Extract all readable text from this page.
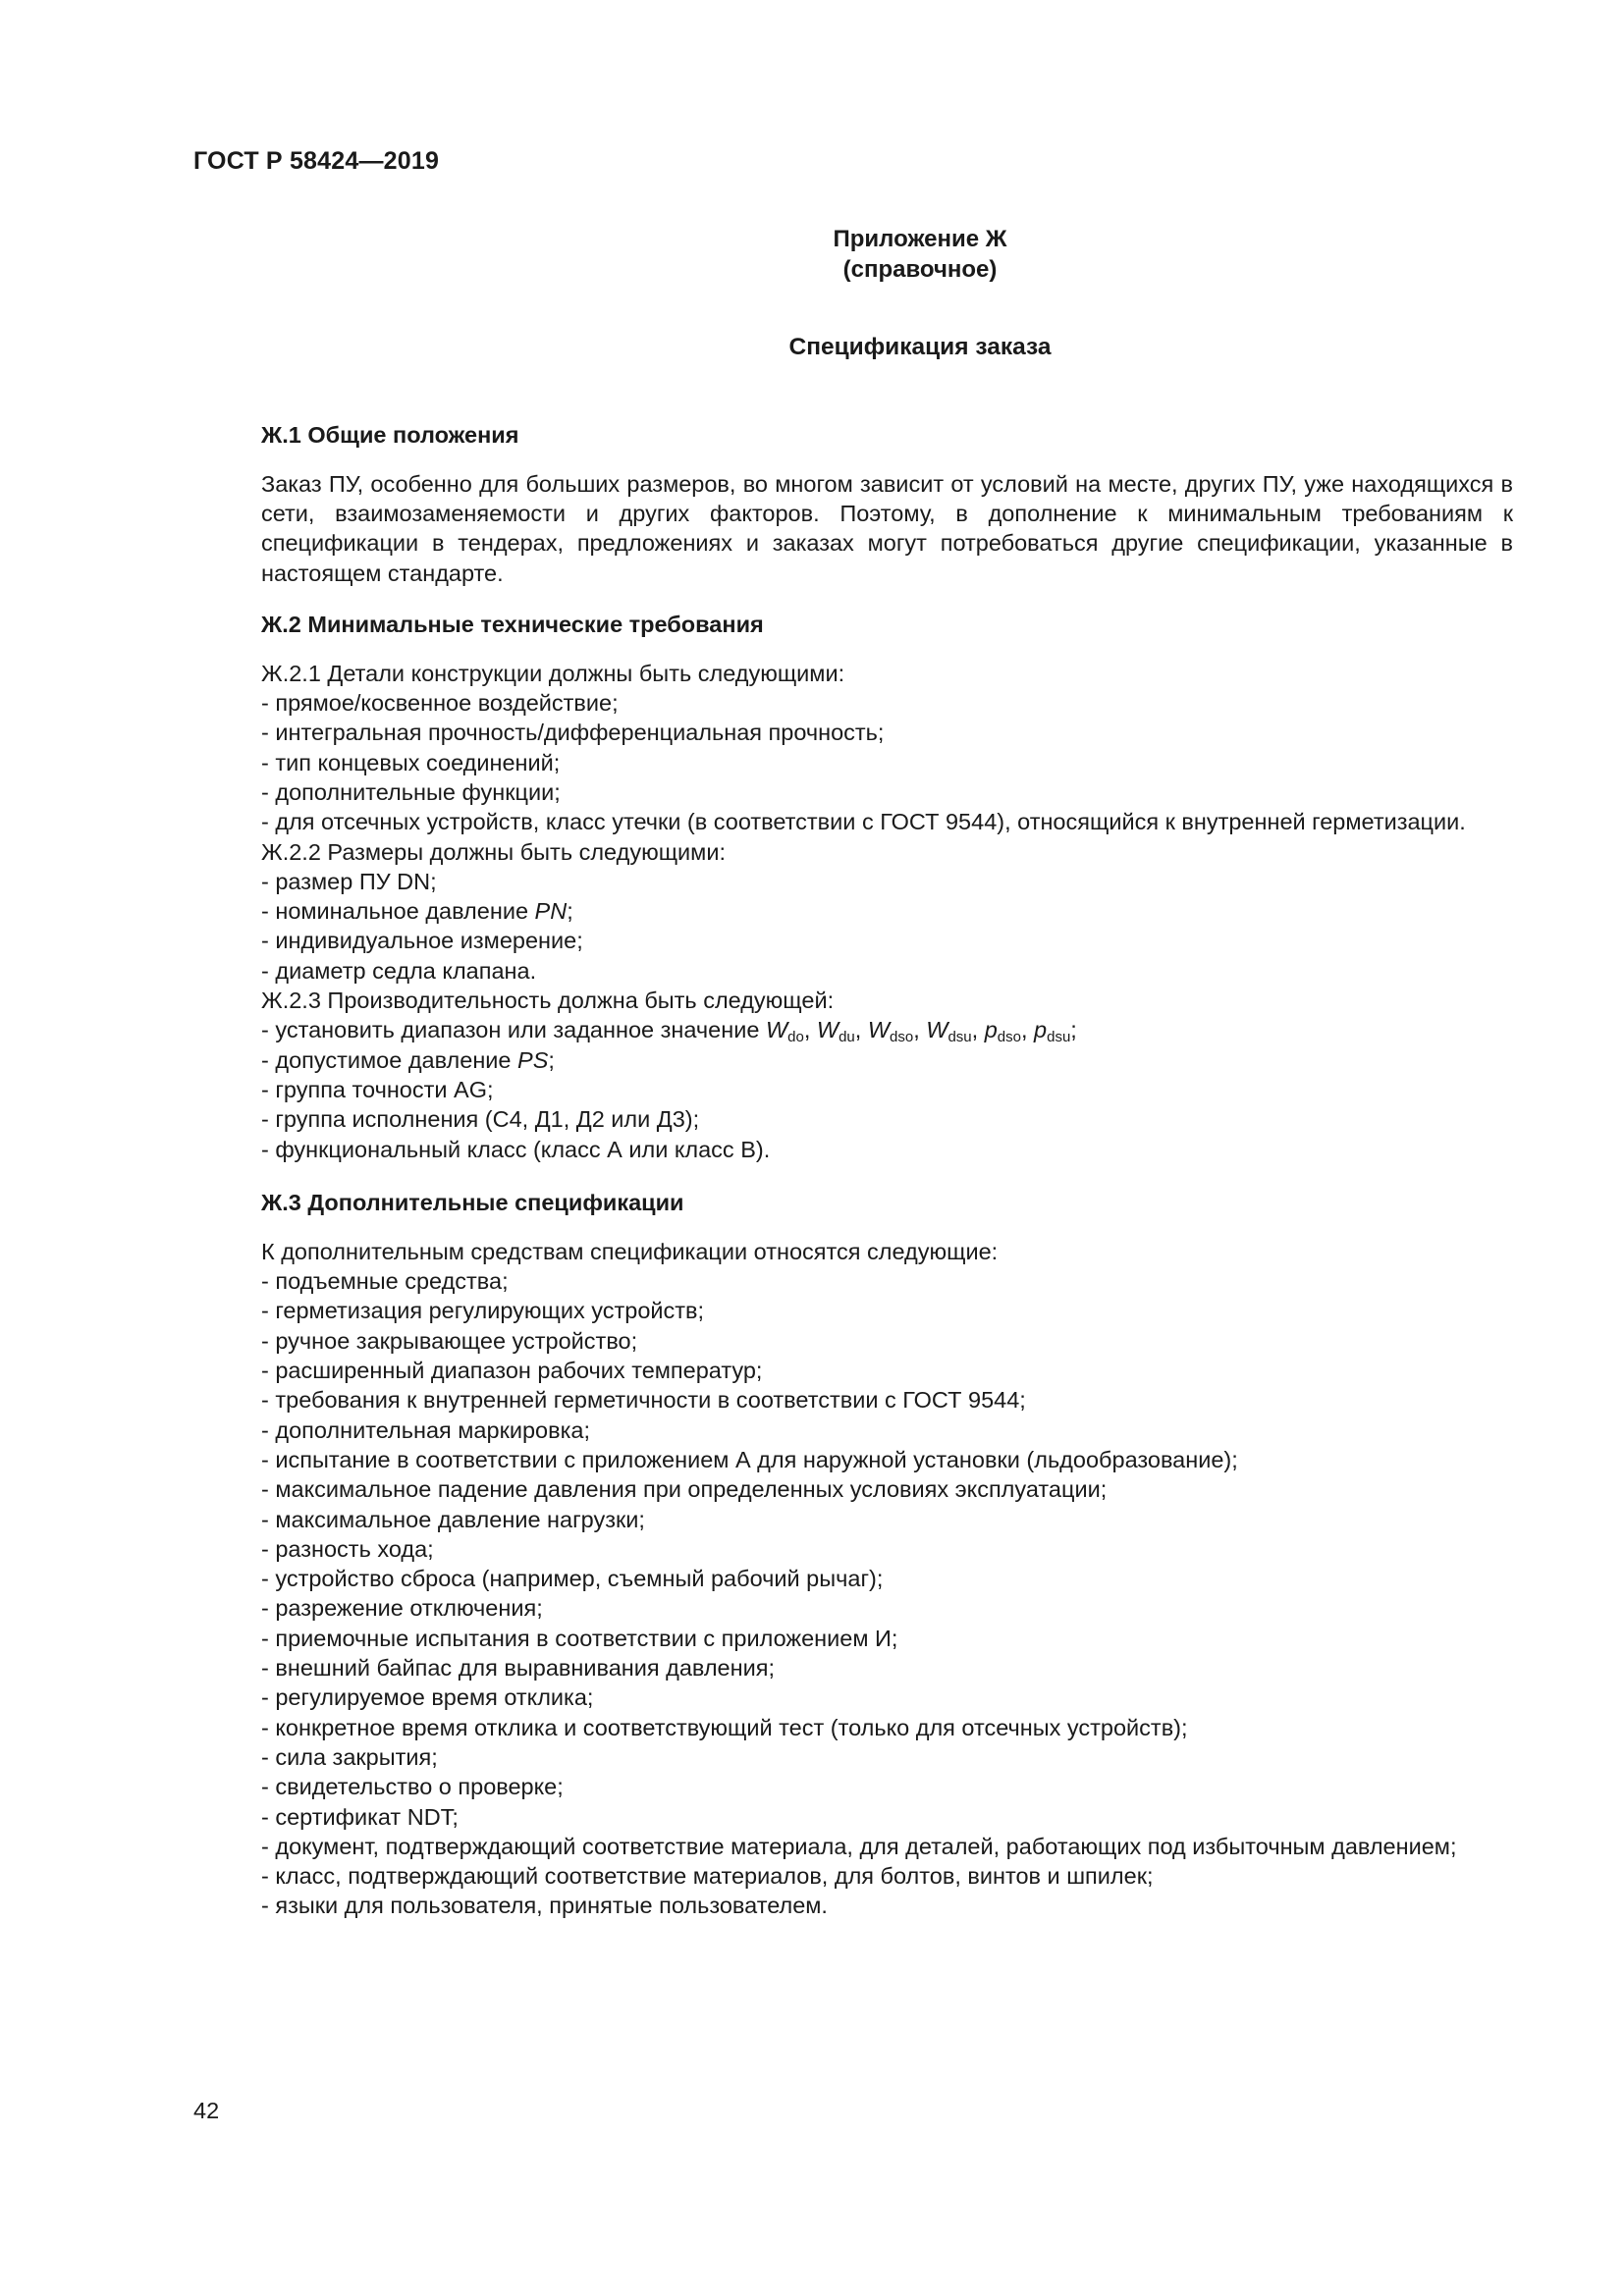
ГОСТ Р 58424—2019
Приложение Ж
(справочное)
Спецификация заказа

Ж.1 Общие положения

Заказ ПУ, особенно для больших размеров, во многом зависит от условий на месте, других ПУ, уже находящихся в сети, взаимозаменяемости и других факторов. Поэтому, в дополнение к минимальным требованиям к спецификации в тендерах, предложениях и заказах могут потребоваться другие спецификации, указанные в настоящем стандарте.

Ж.2 Минимальные технические требования

Ж.2.1 Детали конструкции должны быть следующими:

- прямое/косвенное воздействие;

- интегральная прочность/дифференциальная прочность;

- тип концевых соединений;

- дополнительные функции;

- для отсечных устройств, класс утечки (в соответствии с ГОСТ 9544), относящийся к внутренней герметизации.

Ж.2.2 Размеры должны быть следующими:

- размер ПУ DN;

- номинальное давление PN;

- индивидуальное измерение;

- диаметр седла клапана.

Ж.2.3 Производительность должна быть следующей:

- установить диапазон или заданное значение $W_{do}$, $W_{du}$, $W_{dso}$, $W_{dsu}$, $p_{dso}$, $p_{dsu}$;

- допустимое давление PS;

- группа точности AG;

- группа исполнения (С4, Д1, Д2 или Д3);

- функциональный класс (класс А или класс В).

Ж.3 Дополнительные спецификации

К дополнительным средствам спецификации относятся следующие:

- подъемные средства;

- герметизация регулирующих устройств;

- ручное закрывающее устройство;

- расширенный диапазон рабочих температур;

- требования к внутренней герметичности в соответствии с ГОСТ 9544;

- дополнительная маркировка;

- испытание в соответствии с приложением А для наружной установки (льдообразование);

- максимальное падение давления при определенных условиях эксплуатации;

- максимальное давление нагрузки;

- разность хода;

- устройство сброса (например, съемный рабочий рычаг);

- разрежение отключения;

- приемочные испытания в соответствии с приложением И;

- внешний байпас для выравнивания давления;

- регулируемое время отклика;

- конкретное время отклика и соответствующий тест (только для отсечных устройств);

- сила закрытия;

- свидетельство о проверке;

- сертификат NDT;

- документ, подтверждающий соответствие материала, для деталей, работающих под избыточным давлением;

- класс, подтверждающий соответствие материалов, для болтов, винтов и шпилек;

- языки для пользователя, принятые пользователем.

42
